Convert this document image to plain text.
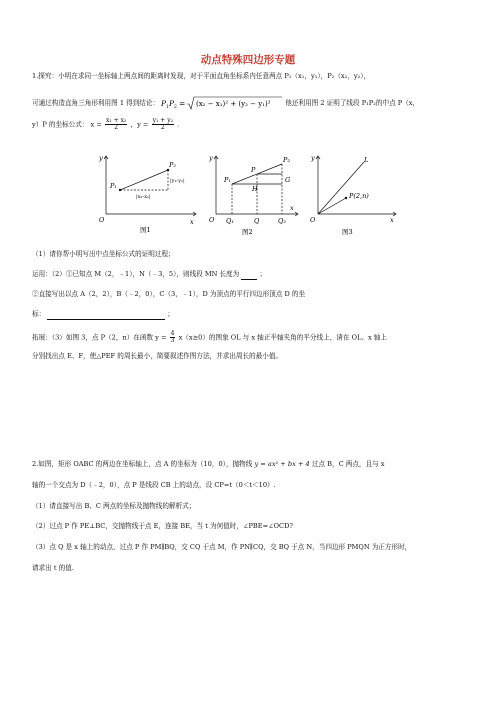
动点特殊四边形专题
1.探究：小明在求同一坐标轴上两点间的距离时发现，对于平面直角坐标系内任意两点 P₁（x₁，y₁），P₂（x₂，y₂），
可通过构造直角三角形利用图 1 得到结论： P 1 P 2 = (x₂ − x₁)² + (y₂ − y₁)² 他还利用图 2 证明了线段 P₁P₂的中点 P（x，
y）P 的坐标公式： $x = \frac{\text{x₁ + x₂}}{2}$ ，$y = \frac{\text{y₁ + y₂}}{2}$ .
y
x
O
P₁
P₂
|y₂-y₁|
|x₂-x₁|
图1
y
x
O
P₁
P
P₂
H
G
Q₁	Q	Q₂
图2
y
x
O
L
P(2,n)
图3
（1）请你帮小明写出中点坐标公式的证明过程；
运用：（2）①已知点 M（2，﹣1），N（﹣3，5），则线段 MN 长度为	；
②直接写出以点 A（2，2），B（﹣2，0），C（3，﹣1），D 为顶点的平行四边形顶点 D 的坐
标：	；
拓展：（3）如图 3，点 P（2，n）在函数 $y = \frac{4}{3} x(x\ge 0)$的图象 OL 与 x 轴正半轴夹角的平分线上，请在 OL、x 轴上
分别找出点 E、F，使△PEF 的周长最小，简要叙述作图方法，并求出周长的最小值。
2.如图，矩形 OABC 的两边在坐标轴上，点 A 的坐标为（10，0），抛物线 y = ax² + bx + 4 过点 B，C 两点，且与 x
轴的一个交点为 D（﹣2，0），点 P 是线段 CB 上的动点，设 CP=t（0＜t＜10）.
（1）请直接写出 B、C 两点的坐标及抛物线的解析式；
（2）过点 P 作 PE⊥BC，交抛物线于点 E，连接 BE，当 t 为何值时，∠PBE=∠OCD?
（3）点 Q 是 x 轴上的动点，过点 P 作 PM∥BQ，交 CQ 于点 M，作 PN∥CQ，交 BQ 于点 N，当四边形 PMQN 为正方形时，
请求出 t 的值.
